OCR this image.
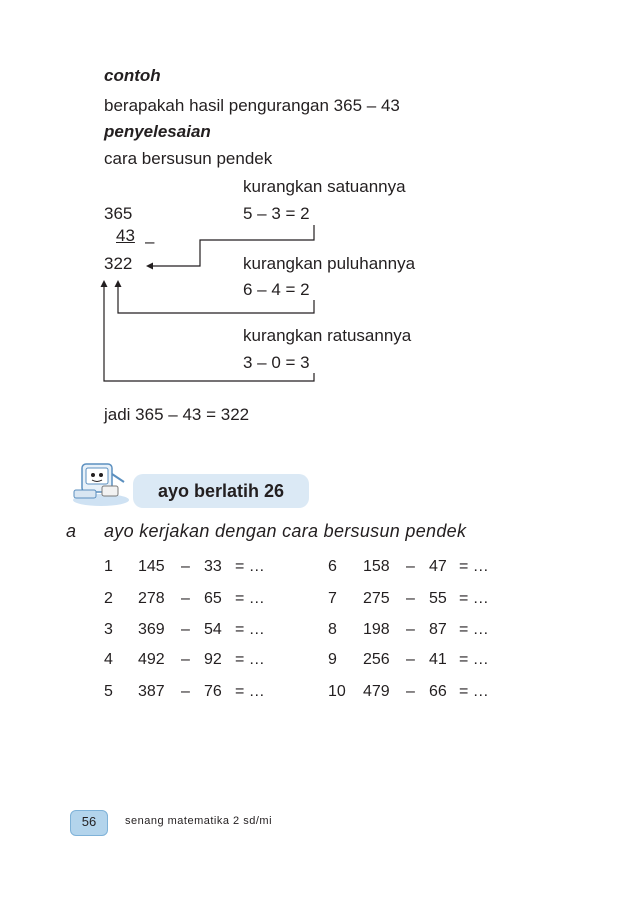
contoh
berapakah hasil pengurangan 365 – 43
penyelesaian
cara bersusun pendek
kurangkan satuannya
365	5 – 3 = 2
43 –
322	kurangkan puluhannya
6 – 4 = 2
kurangkan ratusannya
3 – 0 = 3
jadi 365 – 43 = 322
ayo berlatih 26
a ayo kerjakan dengan cara bersusun pendek
1 145 – 33 = …
2 278 – 65 = …
3 369 – 54 = …
4 492 – 92 = …
5 387 – 76 = …
6 158 – 47 = …
7 275 – 55 = …
8 198 – 87 = …
9 256 – 41 = …
10 479 – 66 = …
56	senang matematika 2 sd/mi
